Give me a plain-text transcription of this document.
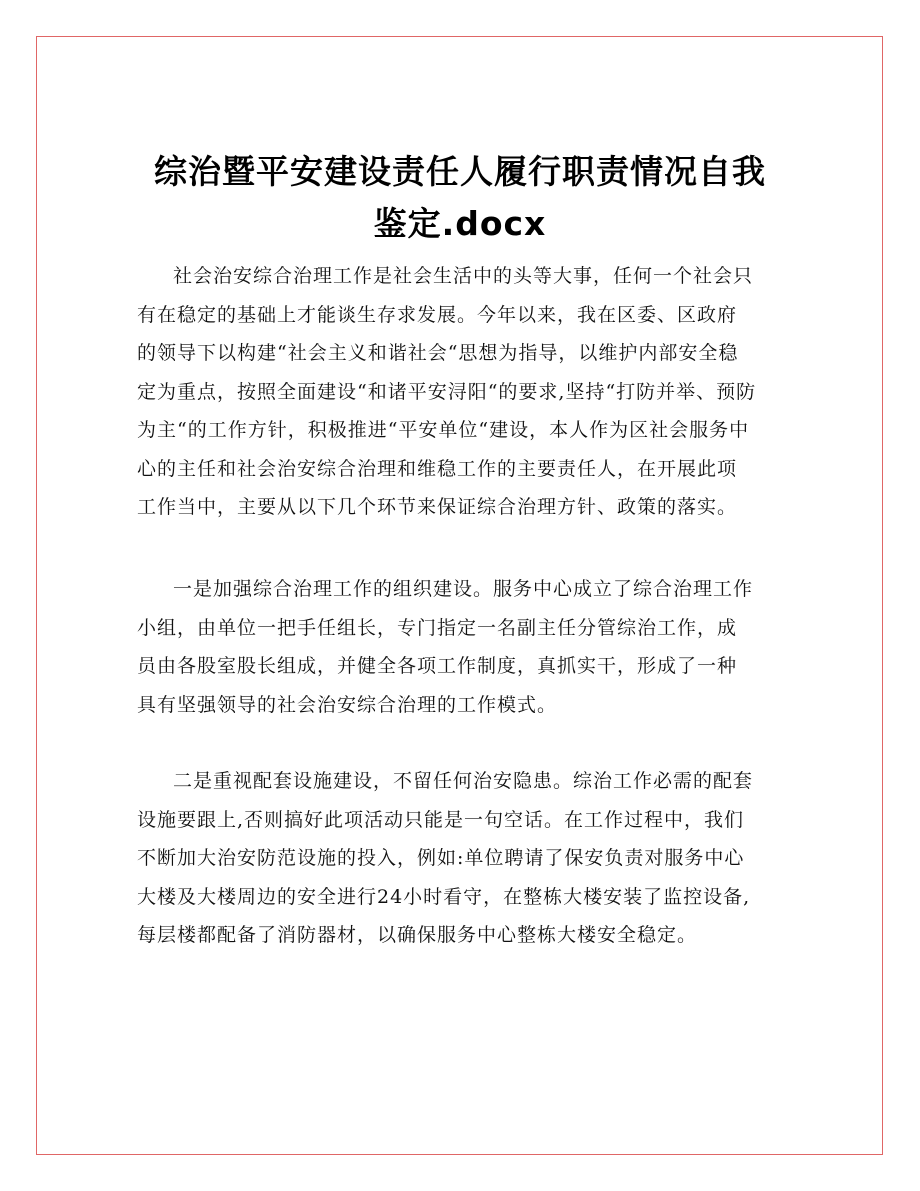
综治暨平安建设责任人履行职责情况自我
鉴定.docx
社会治安综合治理工作是社会生活中的头等大事，任何一个社会只
有在稳定的基础上才能谈生存求发展。今年以来，我在区委、区政府
的领导下以构建“社会主义和谐社会“思想为指导，以维护内部安全稳
定为重点，按照全面建设“和诸平安浔阳“的要求,坚持“打防并举、预防
为主“的工作方针，积极推进“平安单位“建设，本人作为区社会服务中
心的主任和社会治安综合治理和维稳工作的主要责任人，在开展此项
工作当中，主要从以下几个环节来保证综合治理方针、政策的落实。
一是加强综合治理工作的组织建设。服务中心成立了综合治理工作
小组，由单位一把手任组长，专门指定一名副主任分管综治工作，成
员由各股室股长组成，并健全各项工作制度，真抓实干，形成了一种
具有坚强领导的社会治安综合治理的工作模式。
二是重视配套设施建设，不留任何治安隐患。综治工作必需的配套
设施要跟上,否则搞好此项活动只能是一句空话。在工作过程中，我们
不断加大治安防范设施的投入，例如:单位聘请了保安负责对服务中心
大楼及大楼周边的安全进行24小时看守，在整栋大楼安装了监控设备,
每层楼都配备了消防器材，以确保服务中心整栋大楼安全稳定。
